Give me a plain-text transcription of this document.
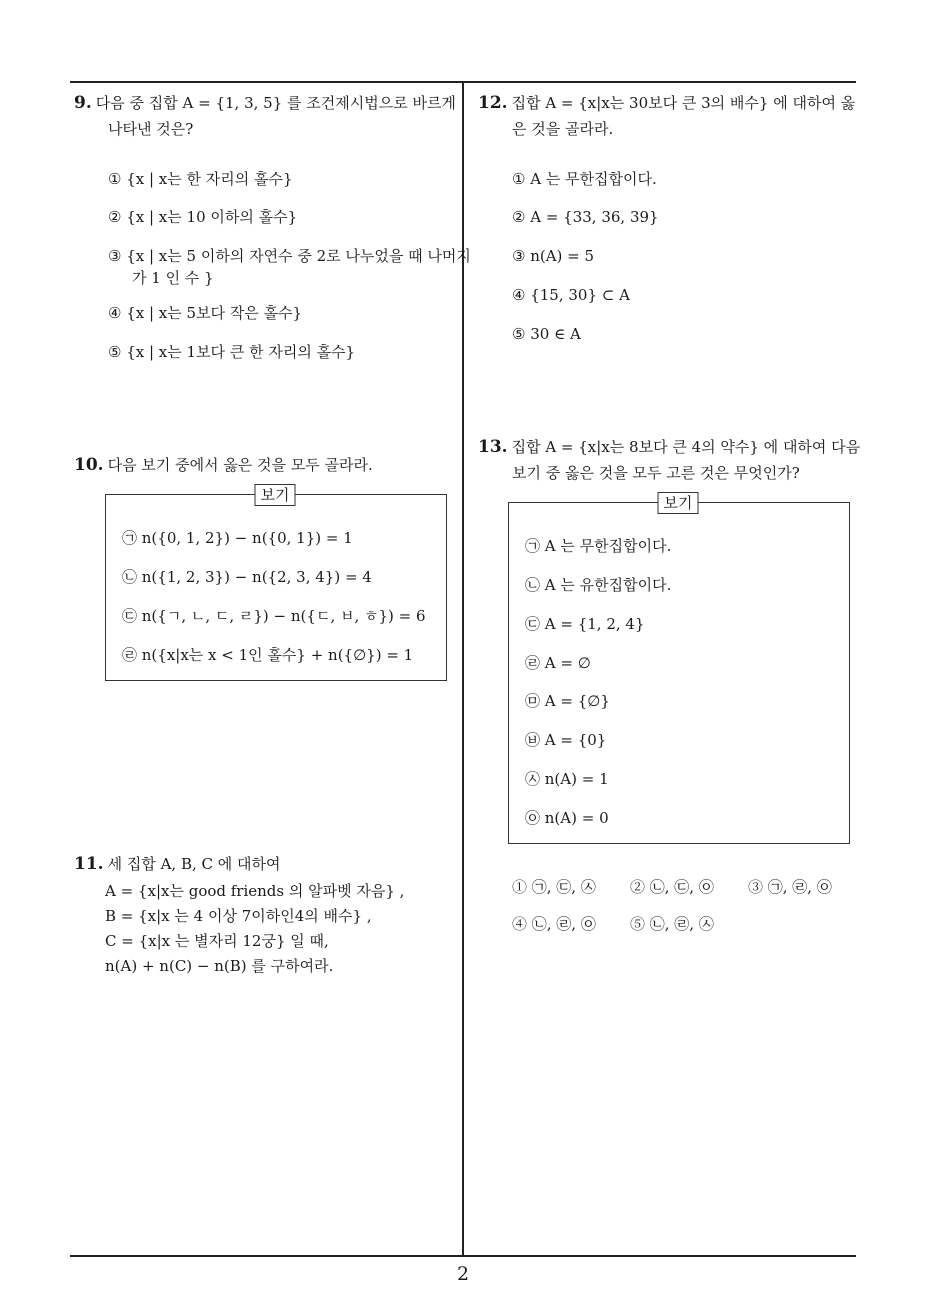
9. 다음 중 집합 A = {1, 3, 5} 를 조건제시법으로 바르게 나타낸 것은?
① {x | x는 한 자리의 홀수}
② {x | x는 10 이하의 홀수}
③ {x | x는 5 이하의 자연수 중 2로 나누었을 때 나머지가 1 인 수 }
④ {x | x는 5보다 작은 홀수}
⑤ {x | x는 1보다 큰 한 자리의 홀수}
10. 다음 보기 중에서 옳은 것을 모두 골라라.
보기
㉠ n({0, 1, 2}) − n({0, 1}) = 1
㉡ n({1, 2, 3}) − n({2, 3, 4}) = 4
㉢ n({ㄱ, ㄴ, ㄷ, ㄹ}) − n({ㄷ, ㅂ, ㅎ}) = 6
㉣ n({x|x는 x < 1인 홀수} + n({∅}) = 1
11. 세 집합 A, B, C 에 대하여
A = {x|x는 good friends 의 알파벳 자음} ,
B = {x|x 는 4 이상 7이하인4의 배수} ,
C = {x|x 는 별자리 12궁} 일 때,
n(A) + n(C) − n(B) 를 구하여라.
12. 집합 A = {x|x는 30보다 큰 3의 배수} 에 대하여 옳은 것을 골라라.
① A 는 무한집합이다.
② A = {33, 36, 39}
③ n(A) = 5
④ {15, 30} ⊂ A
⑤ 30 ∈ A
13. 집합 A = {x|x는 8보다 큰 4의 약수} 에 대하여 다음 보기 중 옳은 것을 모두 고른 것은 무엇인가?
보기
㉠ A 는 무한집합이다.
㉡ A 는 유한집합이다.
㉢ A = {1, 2, 4}
㉣ A = ∅
㉤ A = {∅}
㉥ A = {0}
㉦ n(A) = 1
㉧ n(A) = 0
① ㉠, ㉢, ㉦ ② ㉡, ㉢, ㉧ ③ ㉠, ㉣, ㉧
④ ㉡, ㉣, ㉧ ⑤ ㉡, ㉣, ㉦
2
